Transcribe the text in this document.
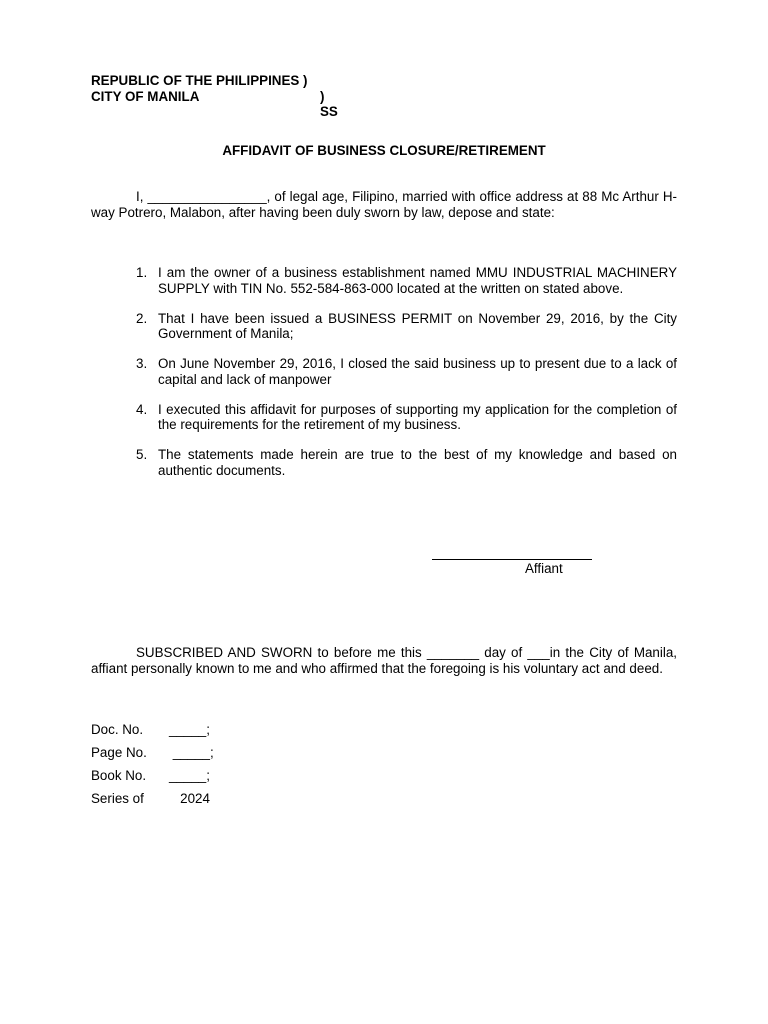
REPUBLIC OF THE PHILIPPINES )
CITY OF MANILA	) SS
AFFIDAVIT OF BUSINESS CLOSURE/RETIREMENT
I, ________________, of legal age, Filipino, married with office address at 88 Mc Arthur H-way Potrero, Malabon, after having been duly sworn by law, depose and state:
1. I am the owner of a business establishment named MMU INDUSTRIAL MACHINERY SUPPLY with TIN No. 552-584-863-000 located at the written on stated above.
2. That I have been issued a BUSINESS PERMIT on November 29, 2016, by the City Government of Manila;
3. On June November 29, 2016, I closed the said business up to present due to a lack of capital and lack of manpower
4. I executed this affidavit for purposes of supporting my application for the completion of the requirements for the retirement of my business.
5. The statements made herein are true to the best of my knowledge and based on authentic documents.
Affiant
SUBSCRIBED AND SWORN to before me this _______ day of ___in the City of Manila, affiant personally known to me and who affirmed that the foregoing is his voluntary act and deed.
Doc. No. _____;
Page No. _____;
Book No. _____;
Series of   2024
